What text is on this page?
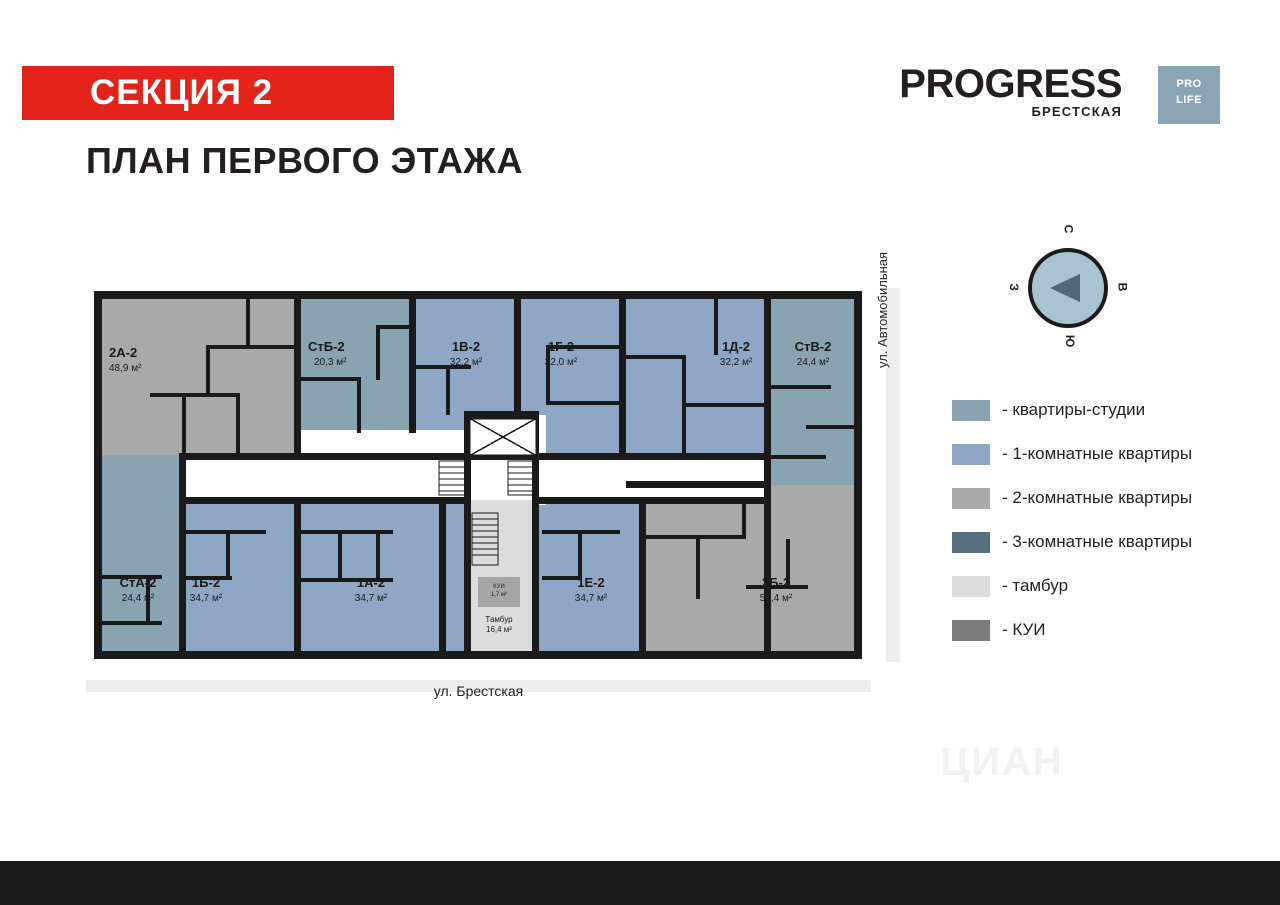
СЕКЦИЯ 2
ПЛАН ПЕРВОГО ЭТАЖА
PROGRESS
БРЕСТСКАЯ
PRO
LIFE
С
В
Ю
З
- квартиры-студии
- 1-комнатные квартиры
- 2-комнатные квартиры
- 3-комнатные квартиры
- тамбур
- КУИ
2А-2
48,9 м²
СтБ-2
20,3 м²
1В-2
32,2 м²
1Г-2
32,0 м²
1Д-2
32,2 м²
СтВ-2
24,4 м²
СтА-2
24,4 м²
1Б-2
34,7 м²
1А-2
34,7 м²
1Е-2
34,7 м²
2Б-2
52,4 м²
КУИ
1,7 м²
Тамбур
16,4 м²
ул. Автомобильная
ул. Брестская
ЦИАН
